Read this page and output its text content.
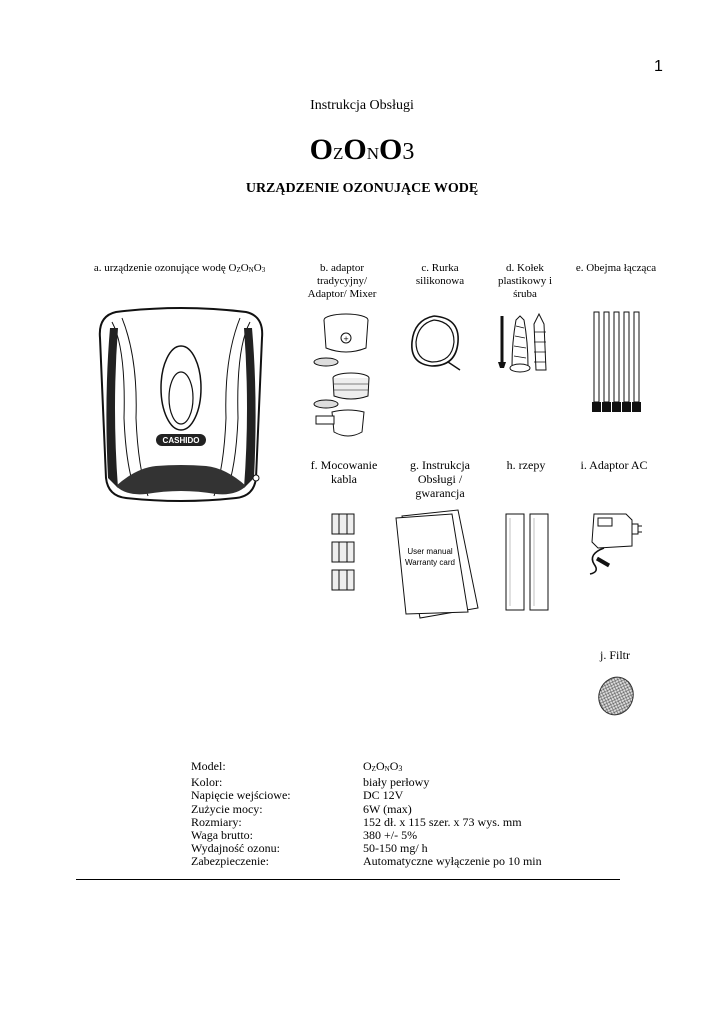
1
Instrukcja Obsługi
OZONO3
URZĄDZENIE OZONUJĄCE WODĘ
a. urządzenie ozonujące wodę OZONO3	b. adaptor
tradycyjny/
Adaptor/ Mixer
c. Rurka
silikonowa
d. Kołek
plastikowy i
śruba
e. Obejma łącząca
f. Mocowanie
kabla
g. Instrukcja
Obsługi /
gwarancja
h. rzepy	i. Adaptor AC
j. Filtr
CASHIDO
+
User manual
Warranty card
Model:	OZONO3
Kolor:	biały perłowy
Napięcie wejściowe:	DC 12V
Zużycie mocy:	6W (max)
Rozmiary:	152 dł. x 115 szer. x 73 wys. mm
Waga brutto:	380 +/- 5%
Wydajność ozonu:	50-150 mg/ h
Zabezpieczenie:	Automatyczne wyłączenie po 10 min
